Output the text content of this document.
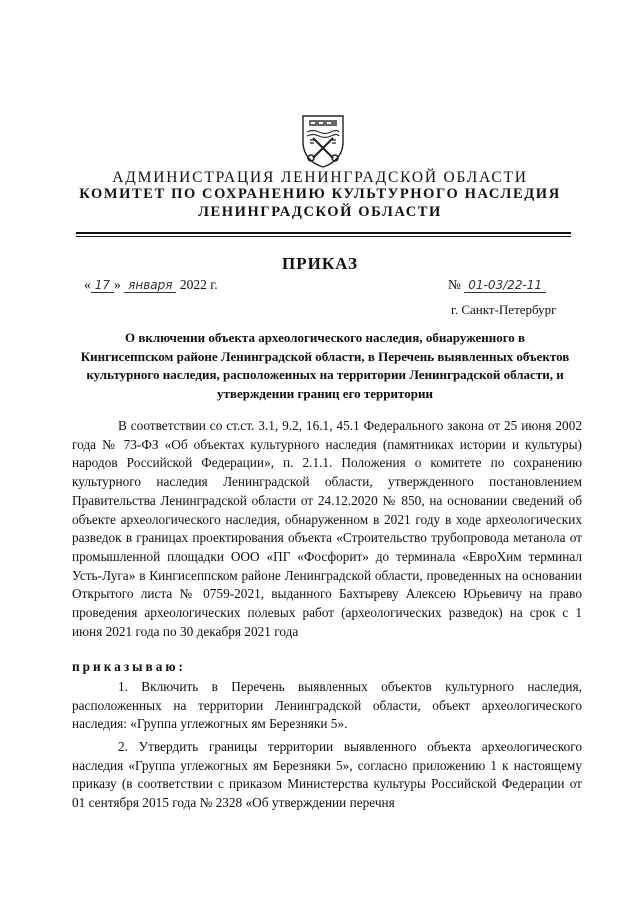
АДМИНИСТРАЦИЯ ЛЕНИНГРАДСКОЙ ОБЛАСТИ
КОМИТЕТ ПО СОХРАНЕНИЮ КУЛЬТУРНОГО НАСЛЕДИЯ
ЛЕНИНГРАДСКОЙ ОБЛАСТИ
ПРИКАЗ
« 17 » января 2022 г.	№ 01-03/22-11
г. Санкт-Петербург
О включении объекта археологического наследия, обнаруженного в Кингисеппском районе Ленинградской области, в Перечень выявленных объектов культурного наследия, расположенных на территории Ленинградской области, и утверждении границ его территории
В соответствии со ст.ст. 3.1, 9.2, 16.1, 45.1 Федерального закона от 25 июня 2002 года № 73-ФЗ «Об объектах культурного наследия (памятниках истории и культуры) народов Российской Федерации», п. 2.1.1. Положения о комитете по сохранению культурного наследия Ленинградской области, утвержденного постановлением Правительства Ленинградской области от 24.12.2020 № 850, на основании сведений об объекте археологического наследия, обнаруженном в 2021 году в ходе археологических разведок в границах проектирования объекта «Строительство трубопровода метанола от промышленной площадки ООО «ПГ «Фосфорит» до терминала «ЕвроХим терминал Усть-Луга» в Кингисеппском районе Ленинградской области, проведенных на основании Открытого листа № 0759-2021, выданного Бахтыреву Алексею Юрьевичу на право проведения археологических полевых работ (археологических разведок) на срок с 1 июня 2021 года по 30 декабря 2021 года
приказываю:
1. Включить в Перечень выявленных объектов культурного наследия, расположенных на территории Ленинградской области, объект археологического наследия: «Группа углежогных ям Березняки 5».
2. Утвердить границы территории выявленного объекта археологического наследия «Группа углежогных ям Березняки 5», согласно приложению 1 к настоящему приказу (в соответствии с приказом Министерства культуры Российской Федерации от 01 сентября 2015 года № 2328 «Об утверждении перечня
